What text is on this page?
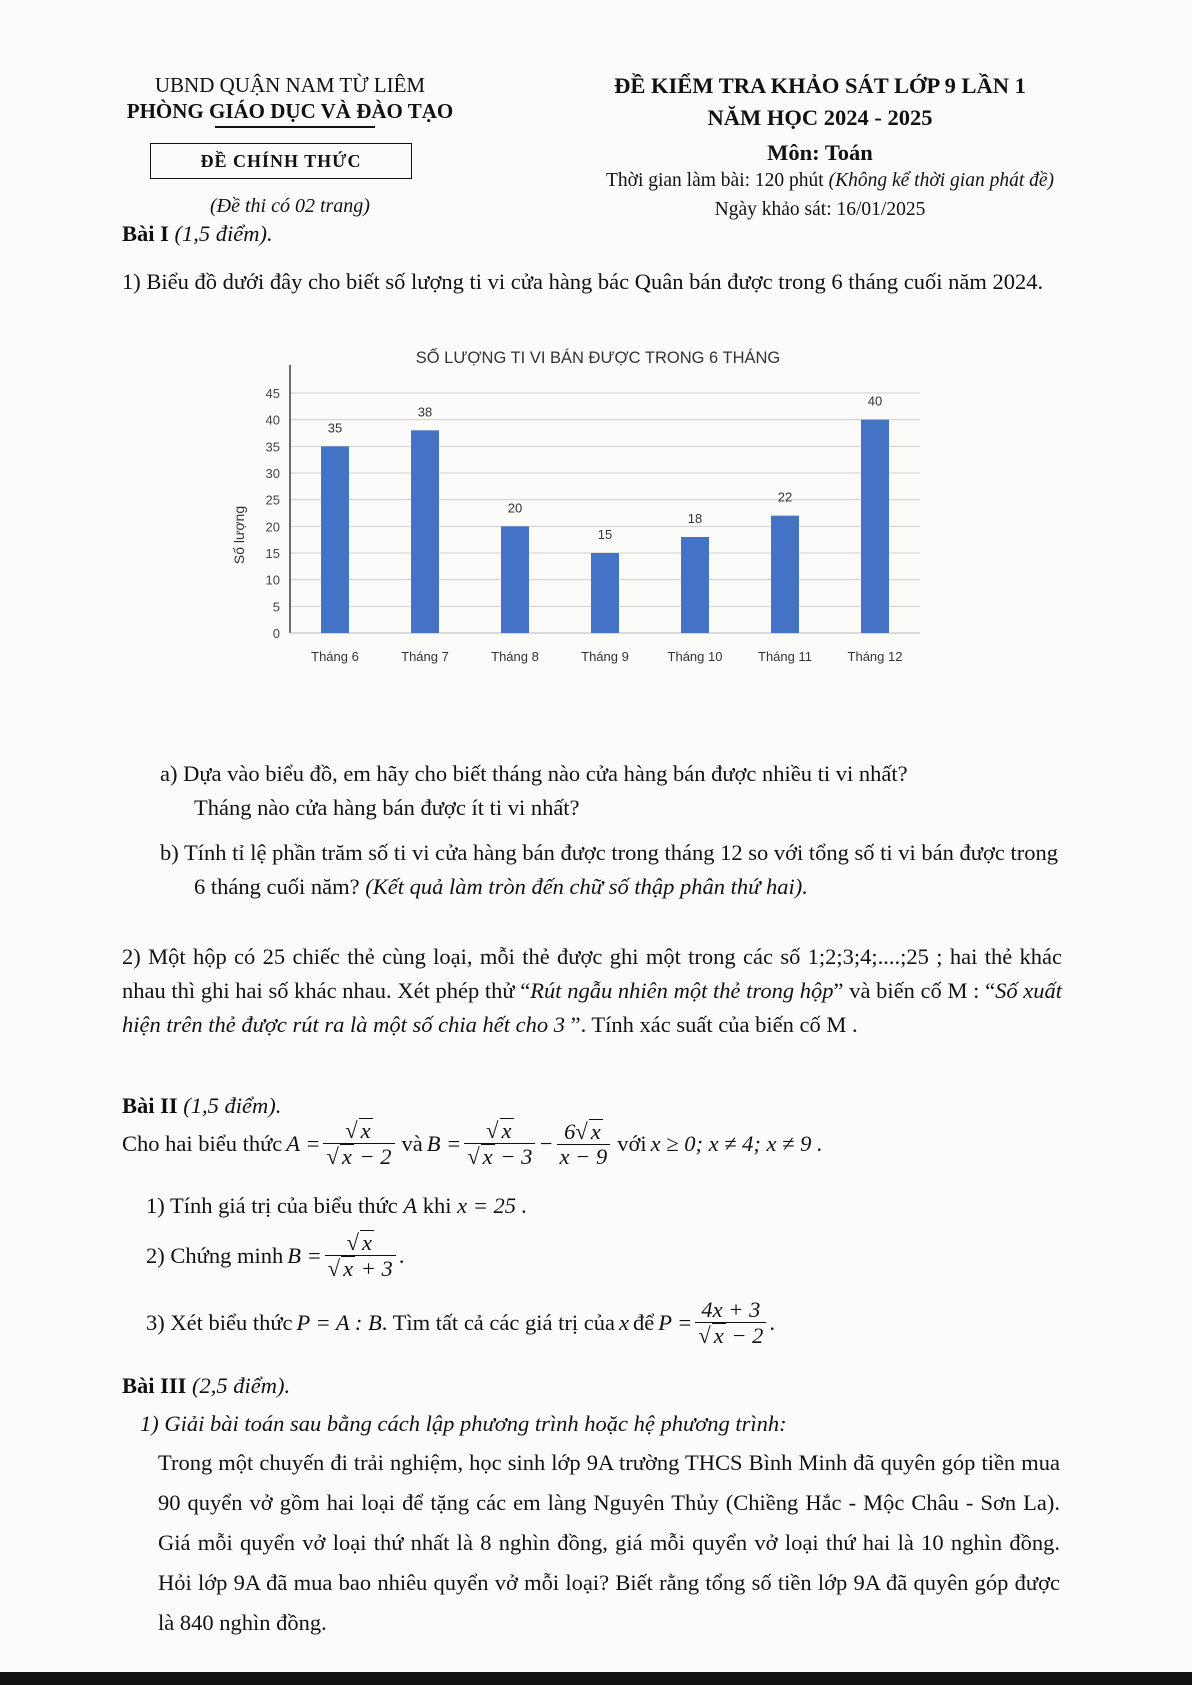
UBND QUẬN NAM TỪ LIÊM
PHÒNG GIÁO DỤC VÀ ĐÀO TẠO
ĐỀ CHÍNH THỨC
(Đề thi có 02 trang)
ĐỀ KIỂM TRA KHẢO SÁT LỚP 9 LẦN 1
NĂM HỌC 2024 - 2025
Môn: Toán
Thời gian làm bài: 120 phút (Không kể thời gian phát đề)
Ngày khảo sát: 16/01/2025
Bài I (1,5 điểm).
1) Biểu đồ dưới đây cho biết số lượng ti vi cửa hàng bác Quân bán được trong 6 tháng cuối năm 2024.
SỐ LƯỢNG TI VI BÁN ĐƯỢC TRONG 6 THÁNG
0
5
10
15
20
25
30
35
40
45
35
38
20
15
18
22
40
Tháng 6	Tháng 7	Tháng 8	Tháng 9	Tháng 10	Tháng 11	Tháng 12
Số lượng
a) Dựa vào biểu đồ, em hãy cho biết tháng nào cửa hàng bán được nhiều ti vi nhất?
Tháng nào cửa hàng bán được ít ti vi nhất?
b) Tính tỉ lệ phần trăm số ti vi cửa hàng bán được trong tháng 12 so với tổng số ti vi bán được trong 6 tháng cuối năm? (Kết quả làm tròn đến chữ số thập phân thứ hai).
2) Một hộp có 25 chiếc thẻ cùng loại, mỗi thẻ được ghi một trong các số 1;2;3;4;....;25 ; hai thẻ khác nhau thì ghi hai số khác nhau. Xét phép thử “Rút ngẫu nhiên một thẻ trong hộp” và biến cố M : “Số xuất hiện trên thẻ được rút ra là một số chia hết cho 3 ”. Tính xác suất của biến cố M .
Bài II (1,5 điểm).
Cho hai biểu thức $A = \frac{√ x}{√ x - 2}$ và $B = \frac{√ x}{√ x - 3} - \frac{6√ x}{x - 9}$ với x ≥ 0; x ≠ 4; x ≠ 9 .
1) Tính giá trị của biểu thức A khi x = 25 .
2) Chứng minh $B = \frac{√ x}{√ x + 3}$ .
3) Xét biểu thức P = A : B . Tìm tất cả các giá trị của x để $P = \frac{4x + 3}{√ x - 2}$ .
Bài III (2,5 điểm).
1) Giải bài toán sau bằng cách lập phương trình hoặc hệ phương trình:
Trong một chuyến đi trải nghiệm, học sinh lớp 9A trường THCS Bình Minh đã quyên góp tiền mua 90 quyển vở gồm hai loại để tặng các em làng Nguyên Thủy (Chiềng Hắc - Mộc Châu - Sơn La). Giá mỗi quyển vở loại thứ nhất là 8 nghìn đồng, giá mỗi quyển vở loại thứ hai là 10 nghìn đồng. Hỏi lớp 9A đã mua bao nhiêu quyển vở mỗi loại? Biết rằng tổng số tiền lớp 9A đã quyên góp được là 840 nghìn đồng.
